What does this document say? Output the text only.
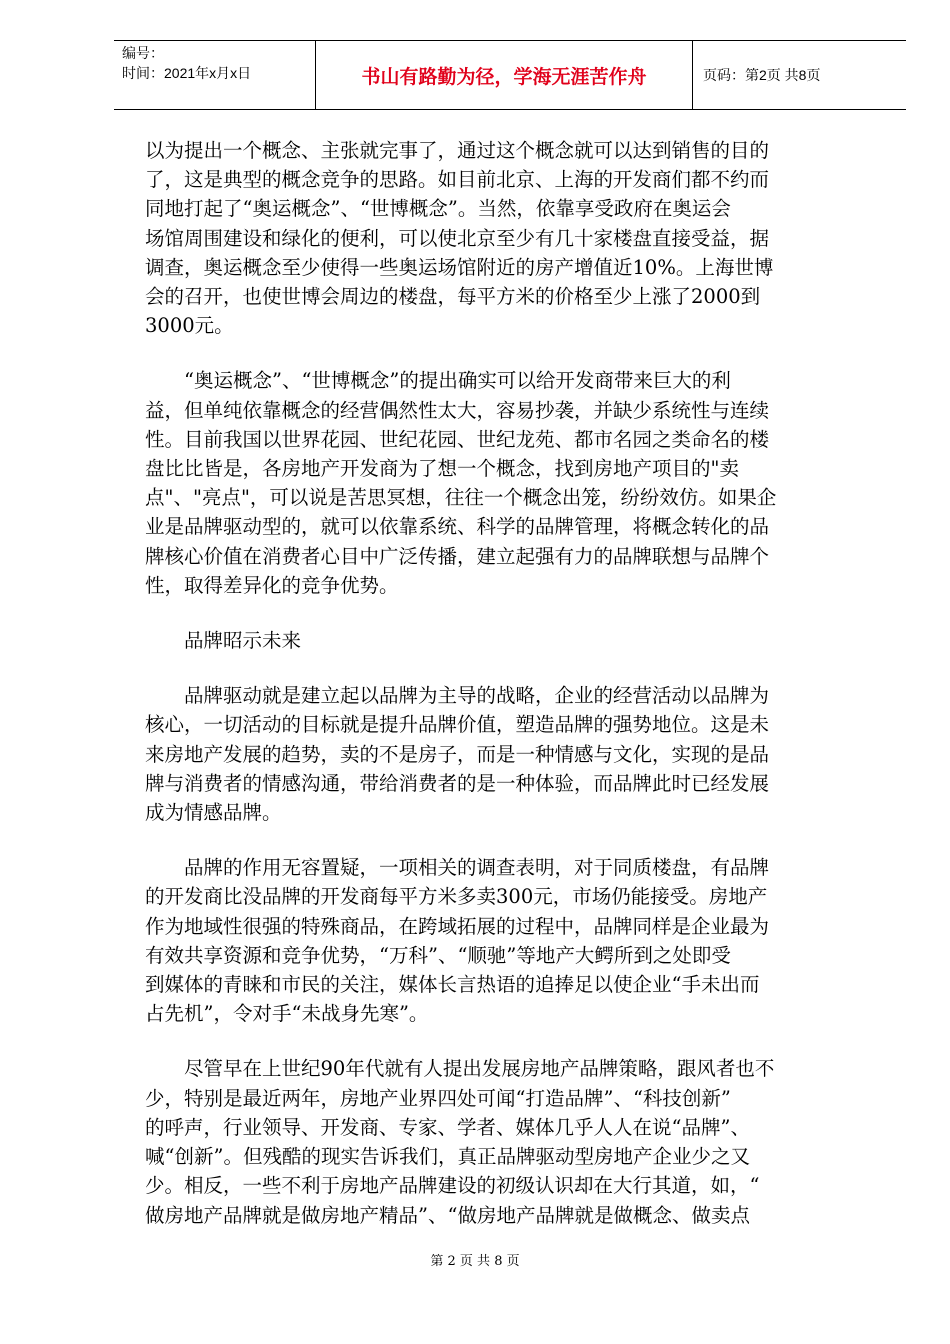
编号：
时间：2021年x月x日	书山有路勤为径，学海无涯苦作舟	页码：第2页 共8页
以为提出一个概念、主张就完事了，通过这个概念就可以达到销售的目的
了，这是典型的概念竞争的思路。如目前北京、上海的开发商们都不约而
同地打起了“奥运概念”、“世博概念”。当然，依靠享受政府在奥运会
场馆周围建设和绿化的便利，可以使北京至少有几十家楼盘直接受益，据
调查，奥运概念至少使得一些奥运场馆附近的房产增值近10%。上海世博
会的召开，也使世博会周边的楼盘，每平方米的价格至少上涨了2000到
3000元。
　　“奥运概念”、“世博概念”的提出确实可以给开发商带来巨大的利
益，但单纯依靠概念的经营偶然性太大，容易抄袭，并缺少系统性与连续
性。目前我国以世界花园、世纪花园、世纪龙苑、都市名园之类命名的楼
盘比比皆是，各房地产开发商为了想一个概念，找到房地产项目的"卖
点"、"亮点"，可以说是苦思冥想，往往一个概念出笼，纷纷效仿。如果企
业是品牌驱动型的，就可以依靠系统、科学的品牌管理，将概念转化的品
牌核心价值在消费者心目中广泛传播，建立起强有力的品牌联想与品牌个
性，取得差异化的竞争优势。
　　品牌昭示未来
　　品牌驱动就是建立起以品牌为主导的战略，企业的经营活动以品牌为
核心，一切活动的目标就是提升品牌价值，塑造品牌的强势地位。这是未
来房地产发展的趋势，卖的不是房子，而是一种情感与文化，实现的是品
牌与消费者的情感沟通，带给消费者的是一种体验，而品牌此时已经发展
成为情感品牌。
　　品牌的作用无容置疑，一项相关的调查表明，对于同质楼盘，有品牌
的开发商比没品牌的开发商每平方米多卖300元，市场仍能接受。房地产
作为地域性很强的特殊商品，在跨域拓展的过程中，品牌同样是企业最为
有效共享资源和竞争优势，“万科”、“顺驰”等地产大鳄所到之处即受
到媒体的青睐和市民的关注，媒体长言热语的追捧足以使企业“手未出而
占先机”，令对手“未战身先寒”。
　　尽管早在上世纪90年代就有人提出发展房地产品牌策略，跟风者也不
少，特别是最近两年，房地产业界四处可闻“打造品牌”、“科技创新”
的呼声，行业领导、开发商、专家、学者、媒体几乎人人在说“品牌”、
喊“创新”。但残酷的现实告诉我们，真正品牌驱动型房地产企业少之又
少。相反，一些不利于房地产品牌建设的初级认识却在大行其道，如，“
做房地产品牌就是做房地产精品”、“做房地产品牌就是做概念、做卖点
第 2 页 共 8 页
